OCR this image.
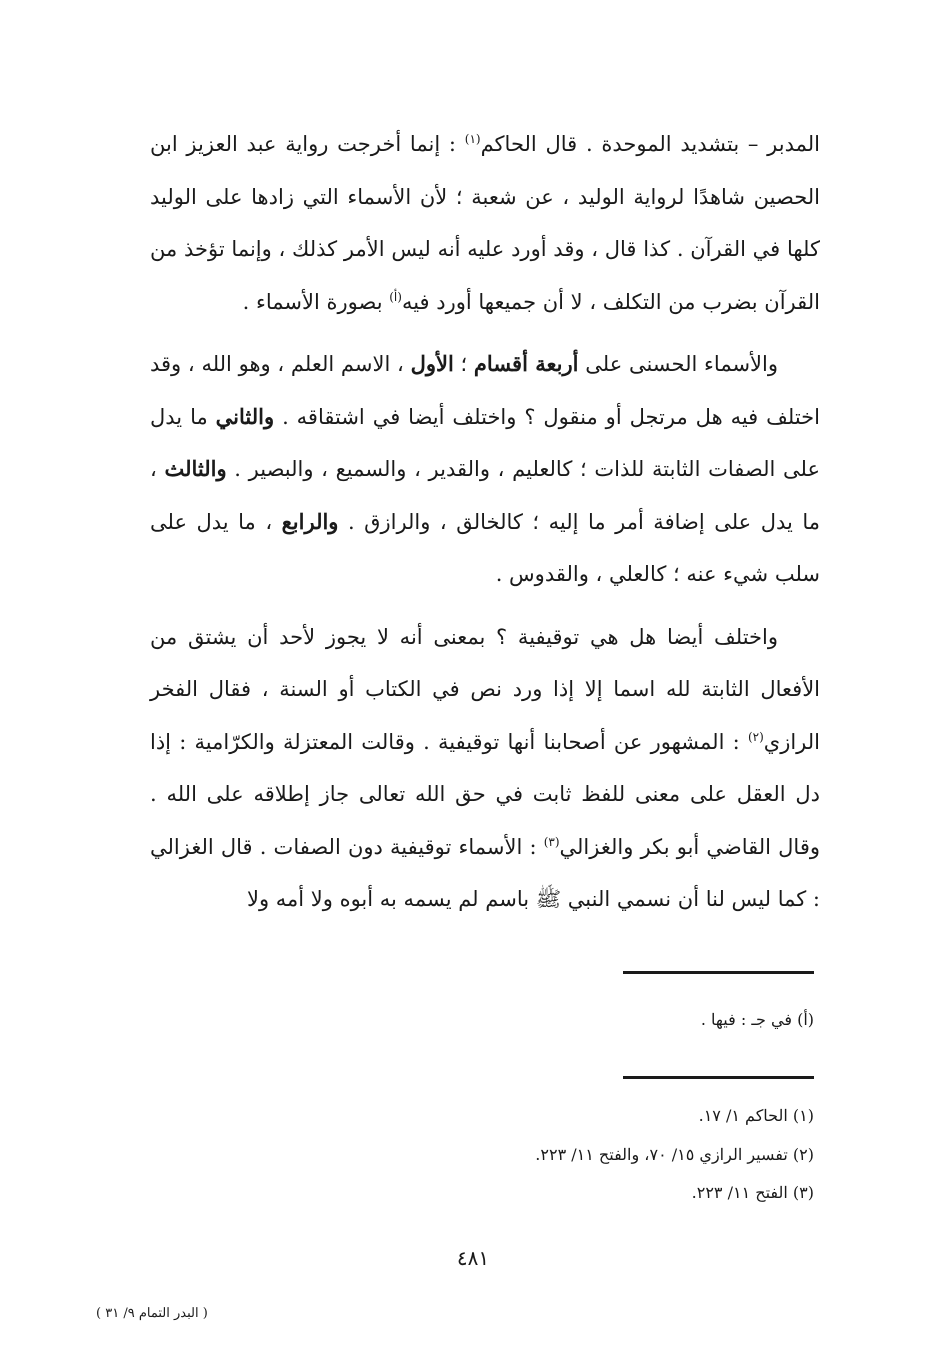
المدبر – بتشديد الموحدة . قال الحاكم$^{(١)}$ : إنما أخرجت رواية عبد العزيز ابن الحصين شاهدًا لرواية الوليد ، عن شعبة ؛ لأن الأسماء التي زادها على الوليد كلها في القرآن . كذا قال ، وقد أورد عليه أنه ليس الأمر كذلك ، وإنما تؤخذ من القرآن بضرب من التكلف ، لا أن جميعها أورد فيه$^{(أ)}$ بصورة الأسماء .

والأسماء الحسنى على أربعة أقسام ؛ الأول ، الاسم العلم ، وهو الله ، وقد اختلف فيه هل مرتجل أو منقول ؟ واختلف أيضا في اشتقاقه . والثاني ما يدل على الصفات الثابتة للذات ؛ كالعليم ، والقدير ، والسميع ، والبصير . والثالث ، ما يدل على إضافة أمر ما إليه ؛ كالخالق ، والرازق . والرابع ، ما يدل على سلب شيء عنه ؛ كالعلي ، والقدوس .

واختلف أيضا هل هي توقيفية ؟ بمعنى أنه لا يجوز لأحد أن يشتق من الأفعال الثابتة لله اسما إلا إذا ورد نص في الكتاب أو السنة ، فقال الفخر الرازي$^{(٢)}$ : المشهور عن أصحابنا أنها توقيفية . وقالت المعتزلة والكرّامية : إذا دل العقل على معنى للفظ ثابت في حق الله تعالى جاز إطلاقه على الله . وقال القاضي أبو بكر والغزالي$^{(٣)}$ : الأسماء توقيفية دون الصفات . قال الغزالي : كما ليس لنا أن نسمي النبي ﷺ باسم لم يسمه به أبوه ولا أمه ولا

(أ) في جـ : فيها .
(١) الحاكم ١/ ١٧.
(٢) تفسير الرازي ١٥/ ٧٠، والفتح ١١/ ٢٢٣.
(٣) الفتح ١١/ ٢٢٣.
٤٨١
( البدر التمام ٩/ ٣١ )
